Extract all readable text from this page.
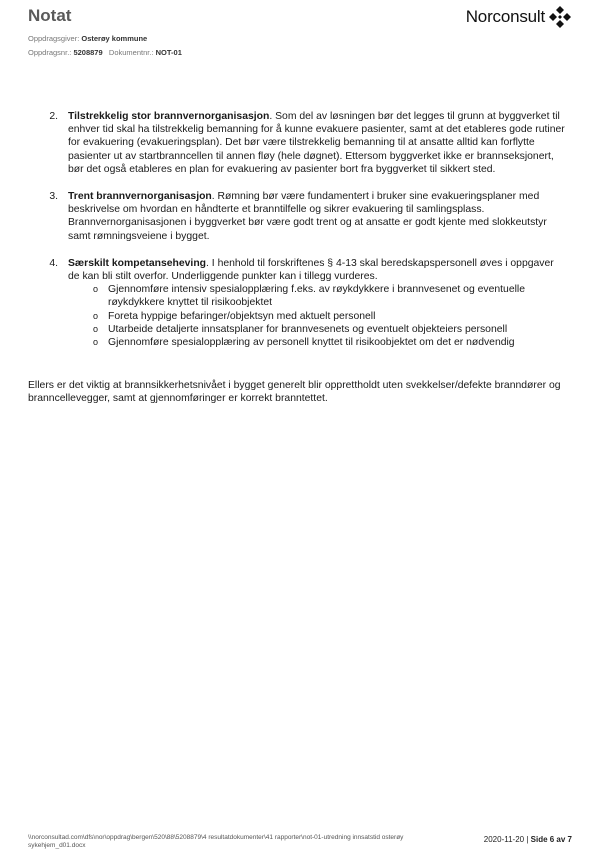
Notat
Oppdragsgiver: Osterøy kommune
Oppdragsnr.: 5208879 Dokumentnr.: NOT-01
Norconsult
2. Tilstrekkelig stor brannvernorganisasjon. Som del av løsningen bør det legges til grunn at byggverket til enhver tid skal ha tilstrekkelig bemanning for å kunne evakuere pasienter, samt at det etableres gode rutiner for evakuering (evakueringsplan). Det bør være tilstrekkelig bemanning til at ansatte alltid kan forflytte pasienter ut av startbranncellen til annen fløy (hele døgnet). Ettersom byggverket ikke er brannseksjonert, bør det også etableres en plan for evakuering av pasienter bort fra byggverket til sikkert sted.
3. Trent brannvernorganisasjon. Rømning bør være fundamentert i bruker sine evakueringsplaner med beskrivelse om hvordan en håndterte et branntilfelle og sikrer evakuering til samlingsplass. Brannvernorganisasjonen i byggverket bør være godt trent og at ansatte er godt kjente med slokkeutstyr samt rømningsveiene i bygget.
4. Særskilt kompetanseheving. I henhold til forskriftenes § 4-13 skal beredskapspersonell øves i oppgaver de kan bli stilt overfor. Underliggende punkter kan i tillegg vurderes.
o Gjennomføre intensiv spesialopplæring f.eks. av røykdykkere i brannvesenet og eventuelle røykdykkere knyttet til risikoobjektet
o Foreta hyppige befaringer/objektsyn med aktuelt personell
o Utarbeide detaljerte innsatsplaner for brannvesenets og eventuelt objekteiers personell
o Gjennomføre spesialopplæring av personell knyttet til risikoobjektet om det er nødvendig
Ellers er det viktig at brannsikkerhetsnivået i bygget generelt blir opprettholdt uten svekkelser/defekte branndører og branncellevegger, samt at gjennomføringer er korrekt branntettet.
\\norconsultad.com\dfs\nor\oppdrag\bergen\520\88\5208879\4 resultatdokumenter\41 rapporter\not-01-utredning innsatstid osterøy sykehjem_d01.docx
2020-11-20 | Side 6 av 7
